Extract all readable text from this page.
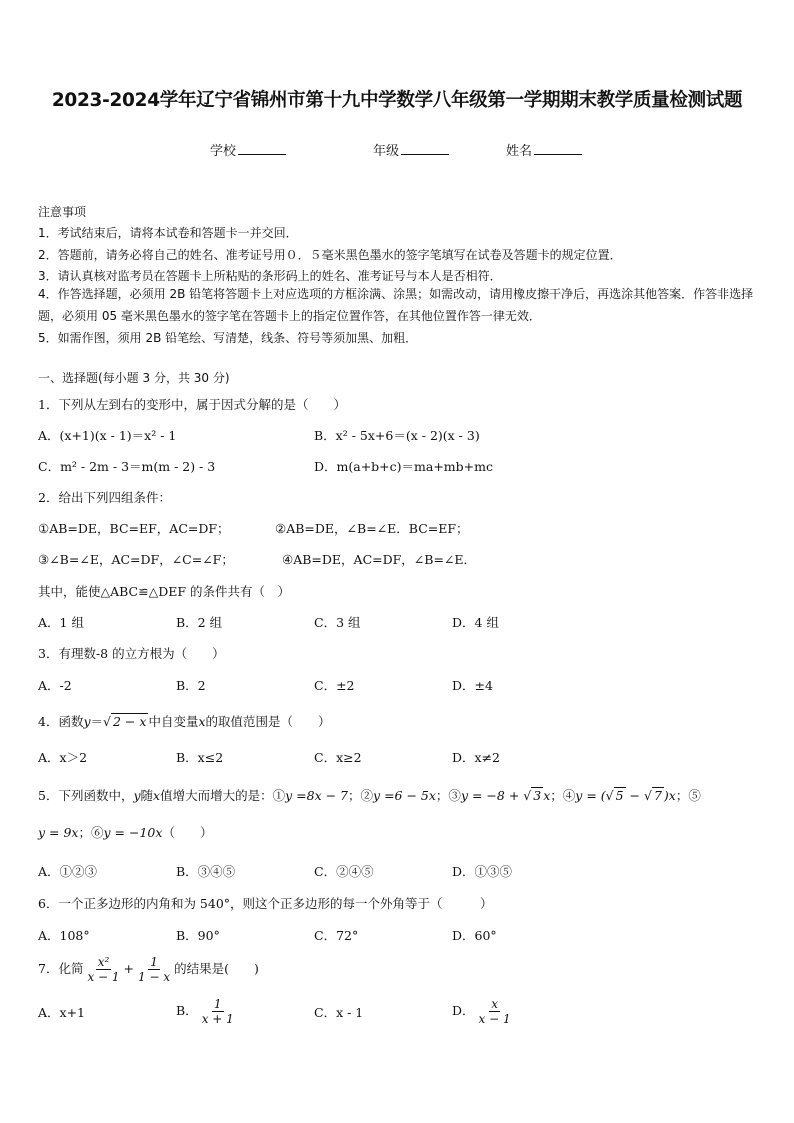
2023-2024学年辽宁省锦州市第十九中学数学八年级第一学期期末教学质量检测试题
学校	年级	姓名
注意事项
1．考试结束后，请将本试卷和答题卡一并交回．
2．答题前，请务必将自己的姓名、准考证号用０．５毫米黑色墨水的签字笔填写在试卷及答题卡的规定位置．
3．请认真核对监考员在答题卡上所粘贴的条形码上的姓名、准考证号与本人是否相符．
4．作答选择题，必须用 2B 铅笔将答题卡上对应选项的方框涂满、涂黑；如需改动，请用橡皮擦干净后，再选涂其他答案．作答非选择题，必须用 05 毫米黑色墨水的签字笔在答题卡上的指定位置作答，在其他位置作答一律无效．
5．如需作图，须用 2B 铅笔绘、写清楚，线条、符号等须加黑、加粗．
一、选择题(每小题 3 分，共 30 分)
1．下列从左到右的变形中，属于因式分解的是（　　）
A．(x+1)(x - 1)＝x² - 1	B．x² - 5x+6＝(x - 2)(x - 3)
C．m² - 2m - 3＝m(m - 2) - 3	D．m(a+b+c)＝ma+mb+mc
2．给出下列四组条件：
①AB=DE，BC=EF，AC=DF；	②AB=DE，∠B=∠E．BC=EF；
③∠B=∠E，AC=DF，∠C=∠F；	④AB=DE，AC=DF，∠B=∠E．
其中，能使△ABC≌△DEF 的条件共有（　）
A．1 组	B．2 组	C．3 组	D．4 组
3．有理数-8 的立方根为（　　）
A．-2	B．2	C．±2	D．±4
4．函数y＝√ 2 − x 中自变量x的取值范围是（　　）
A．x＞2	B．x≤2	C．x≥2	D．x≠2
5．下列函数中，y随x值增大而增大的是：①y =8x − 7；②y =6 − 5x；③y = −8 + √ 3 x；④y = (√ 5 − √ 7 )x；⑤
y = 9x；⑥y = −10x（　　）
A．①②③	B．③④⑤	C．②④⑤	D．①③⑤
6．一个正多边形的内角和为 540°，则这个正多边形的每一个外角等于（　　　）
A．108°	B．90°	C．72°	D．60°
7．化简 $\frac{\text{x²}}{x - 1} + \frac{1}{1 - x}$ 的结果是(　　)
A．x+1	B． $\frac{1}{x + 1}$	C．x - 1	D． $\frac{x}{x - 1}$
